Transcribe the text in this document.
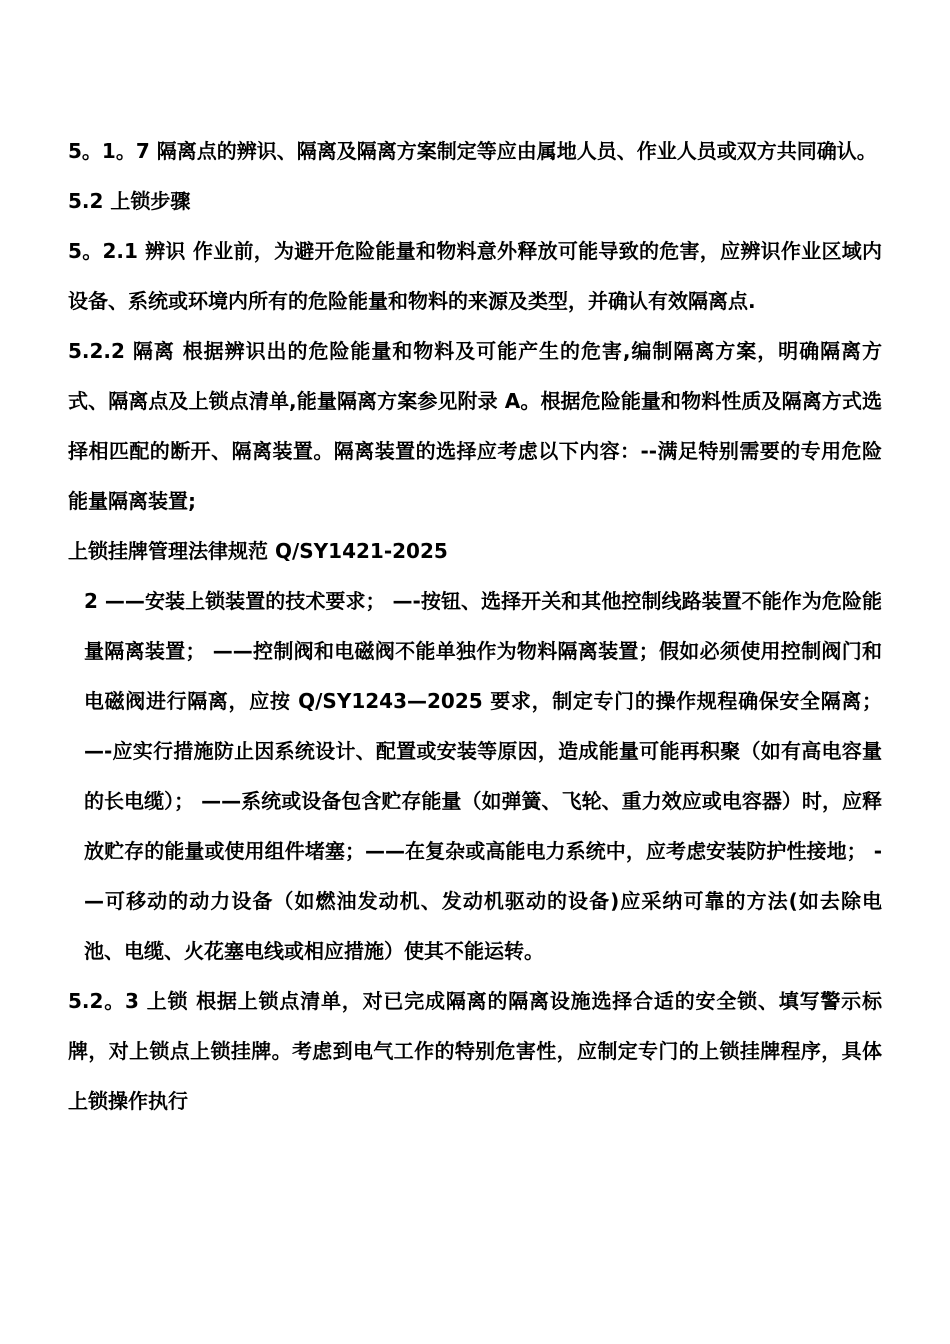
5。1。7 隔离点的辨识、隔离及隔离方案制定等应由属地人员、作业人员或双方共同确认。

5.2 上锁步骤

5。2.1 辨识 作业前，为避开危险能量和物料意外释放可能导致的危害，应辨识作业区域内设备、系统或环境内所有的危险能量和物料的来源及类型，并确认有效隔离点.

5.2.2 隔离 根据辨识出的危险能量和物料及可能产生的危害,编制隔离方案，明确隔离方式、隔离点及上锁点清单,能量隔离方案参见附录 A。根据危险能量和物料性质及隔离方式选择相匹配的断开、隔离装置。隔离装置的选择应考虑以下内容：--满足特别需要的专用危险能量隔离装置;

上锁挂牌管理法律规范 Q/SY1421-2025

2 ——安装上锁装置的技术要求； —-按钮、选择开关和其他控制线路装置不能作为危险能量隔离装置； ——控制阀和电磁阀不能单独作为物料隔离装置；假如必须使用控制阀门和电磁阀进行隔离，应按 Q/SY1243—2025 要求，制定专门的操作规程确保安全隔离； —-应实行措施防止因系统设计、配置或安装等原因，造成能量可能再积聚（如有高电容量的长电缆）； ——系统或设备包含贮存能量（如弹簧、飞轮、重力效应或电容器）时，应释放贮存的能量或使用组件堵塞；——在复杂或高能电力系统中，应考虑安装防护性接地； -—可移动的动力设备（如燃油发动机、发动机驱动的设备)应采纳可靠的方法(如去除电池、电缆、火花塞电线或相应措施）使其不能运转。

5.2。3 上锁 根据上锁点清单，对已完成隔离的隔离设施选择合适的安全锁、填写警示标牌，对上锁点上锁挂牌。考虑到电气工作的特别危害性，应制定专门的上锁挂牌程序，具体上锁操作执行
